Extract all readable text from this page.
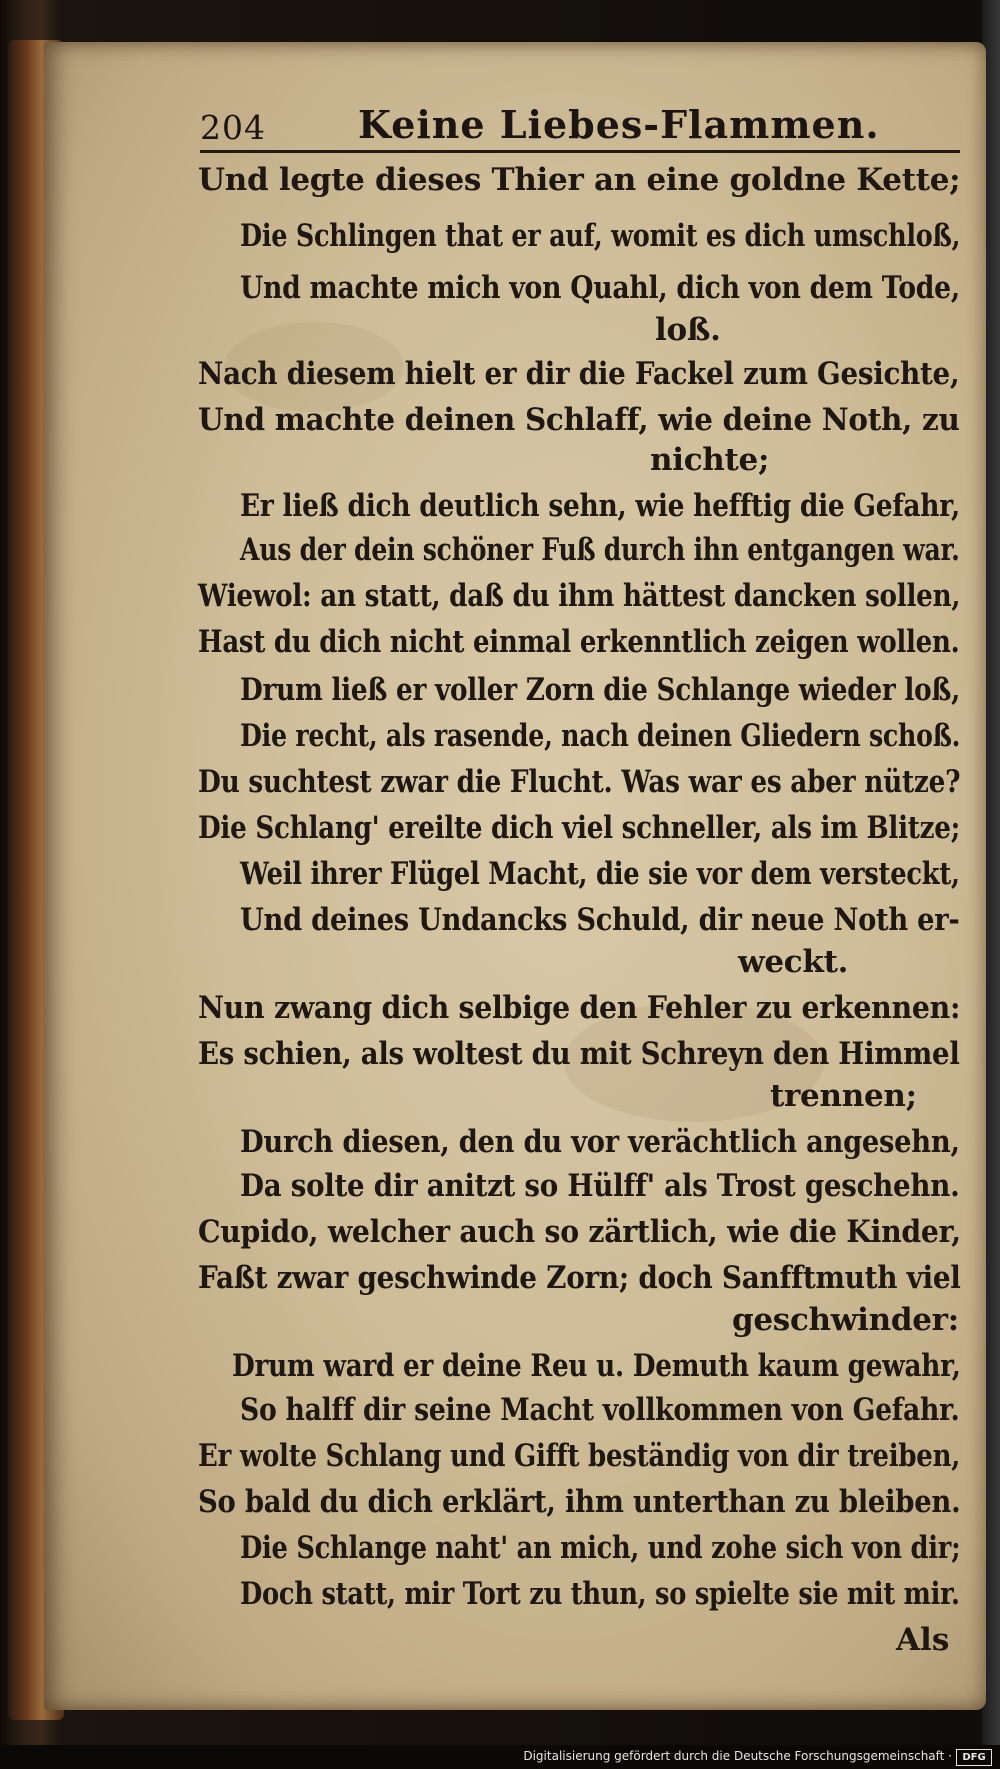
204 Keine Liebes-Flammen.
Und legte dieses Thier an eine goldne Kette;
Die Schlingen that er auf, womit es dich umschloß,
Und machte mich von Quahl, dich von dem Tode,
loß.
Nach diesem hielt er dir die Fackel zum Gesichte,
Und machte deinen Schlaff, wie deine Noth, zu
nichte;
Er ließ dich deutlich sehn, wie hefftig die Gefahr,
Aus der dein schöner Fuß durch ihn entgangen war.
Wiewol: an statt, daß du ihm hättest dancken sollen,
Hast du dich nicht einmal erkenntlich zeigen wollen.
Drum ließ er voller Zorn die Schlange wieder loß,
Die recht, als rasende, nach deinen Gliedern schoß.
Du suchtest zwar die Flucht. Was war es aber nütze?
Die Schlang' ereilte dich viel schneller, als im Blitze;
Weil ihrer Flügel Macht, die sie vor dem versteckt,
Und deines Undancks Schuld, dir neue Noth er-
weckt.
Nun zwang dich selbige den Fehler zu erkennen:
Es schien, als woltest du mit Schreyn den Himmel
trennen;
Durch diesen, den du vor verächtlich angesehn,
Da solte dir anitzt so Hülff' als Trost geschehn.
Cupido, welcher auch so zärtlich, wie die Kinder,
Faßt zwar geschwinde Zorn; doch Sanfftmuth viel
geschwinder:
Drum ward er deine Reu u. Demuth kaum gewahr,
So halff dir seine Macht vollkommen von Gefahr.
Er wolte Schlang und Gifft beständig von dir treiben,
So bald du dich erklärt, ihm unterthan zu bleiben.
Die Schlange naht' an mich, und zohe sich von dir;
Doch statt, mir Tort zu thun, so spielte sie mit mir.
Als
Digitalisierung gefördert durch die Deutsche Forschungsgemeinschaft ·	DFG
